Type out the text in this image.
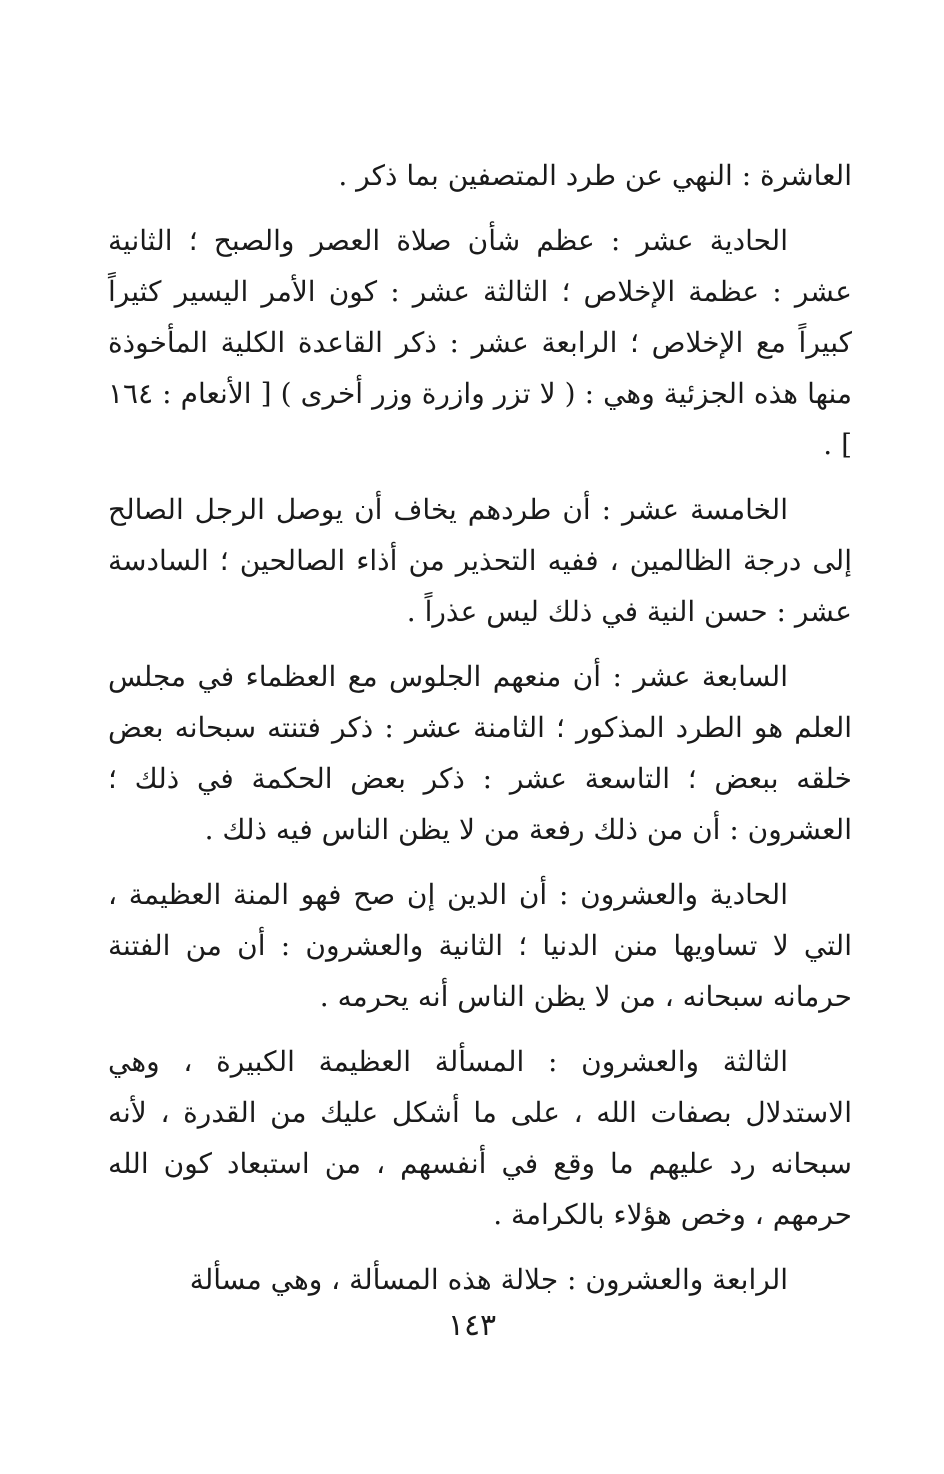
العاشرة : النهي عن طرد المتصفين بما ذكر .

الحادية عشر : عظم شأن صلاة العصر والصبح ؛ الثانية عشر : عظمة الإخلاص ؛ الثالثة عشر : كون الأمر اليسير كثيراً كبيراً مع الإخلاص ؛ الرابعة عشر : ذكر القاعدة الكلية المأخوذة منها هذه الجزئية وهي : ( لا تزر وازرة وزر أخرى ) [ الأنعام : ١٦٤ ] .

الخامسة عشر : أن طردهم يخاف أن يوصل الرجل الصالح إلى درجة الظالمين ، ففيه التحذير من أذاء الصالحين ؛ السادسة عشر : حسن النية في ذلك ليس عذراً .

السابعة عشر : أن منعهم الجلوس مع العظماء في مجلس العلم هو الطرد المذكور ؛ الثامنة عشر : ذكر فتنته سبحانه بعض خلقه ببعض ؛ التاسعة عشر : ذكر بعض الحكمة في ذلك ؛ العشرون : أن من ذلك رفعة من لا يظن الناس فيه ذلك .

الحادية والعشرون : أن الدين إن صح فهو المنة العظيمة ، التي لا تساويها منن الدنيا ؛ الثانية والعشرون : أن من الفتنة حرمانه سبحانه ، من لا يظن الناس أنه يحرمه .

الثالثة والعشرون : المسألة العظيمة الكبيرة ، وهي الاستدلال بصفات الله ، على ما أشكل عليك من القدرة ، لأنه سبحانه رد عليهم ما وقع في أنفسهم ، من استبعاد كون الله حرمهم ، وخص هؤلاء بالكرامة .

الرابعة والعشرون : جلالة هذه المسألة ، وهي مسألة

١٤٣
